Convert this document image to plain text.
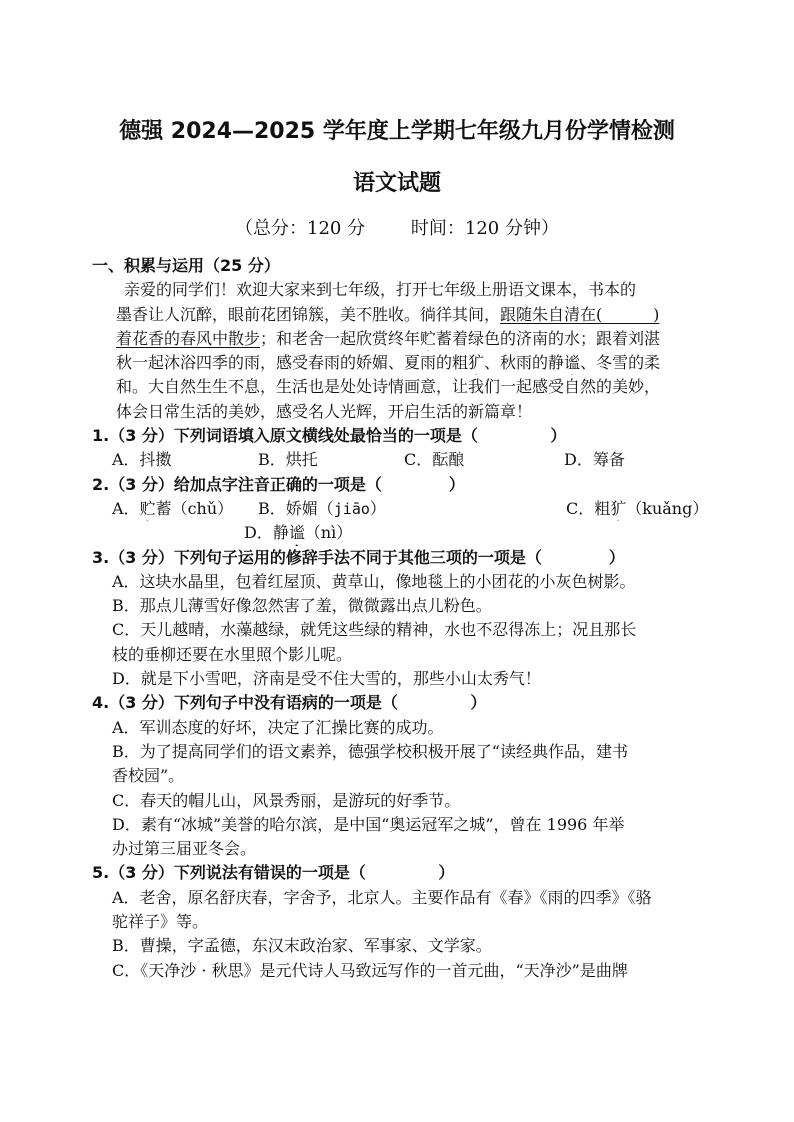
德强 2024—2025 学年度上学期七年级九月份学情检测
语文试题
（总分：120 分        时间：120 分钟）
一、积累与运用（25 分）
亲爱的同学们！欢迎大家来到七年级，打开七年级上册语文课本，书本的
墨香让人沉醉，眼前花团锦簇，美不胜收。徜徉其间，跟随朱自清在(          )
着花香的春风中散步；和老舍一起欣赏终年贮蓄着绿色的济南的水；跟着刘湛
秋一起沐浴四季的雨，感受春雨的娇媚、夏雨的粗犷、秋雨的静谧、冬雪的柔
和。大自然生生不息，生活也是处处诗情画意，让我们一起感受自然的美妙，
体会日常生活的美妙，感受名人光辉，开启生活的新篇章！
1.（3 分）下列词语填入原文横线处最恰当的一项是（             ）
A．抖擞	B．烘托	C．酝酿	D．筹备
2.（3 分）给加点字注音正确的一项是（            ）
A．贮蓄（chǔ） B．娇媚（jiāo）	C．粗犷（kuǎng）
D．静谧（nì）
3.（3 分）下列句子运用的修辞手法不同于其他三项的一项是（            ）
A．这块水晶里，包着红屋顶、黄草山，像地毯上的小团花的小灰色树影。
B．那点儿薄雪好像忽然害了羞，微微露出点儿粉色。
C．天儿越晴，水藻越绿，就凭这些绿的精神，水也不忍得冻上；况且那长
枝的垂柳还要在水里照个影儿呢。
D．就是下小雪吧，济南是受不住大雪的，那些小山太秀气！
4.（3 分）下列句子中没有语病的一项是（             ）
A．军训态度的好坏，决定了汇操比赛的成功。
B．为了提高同学们的语文素养，德强学校积极开展了“读经典作品，建书
香校园”。
C．春天的帽儿山，风景秀丽，是游玩的好季节。
D．素有“冰城”美誉的哈尔滨，是中国“奥运冠军之城”，曾在 1996 年举
办过第三届亚冬会。
5.（3 分）下列说法有错误的一项是（             ）
A．老舍，原名舒庆春，字舍予，北京人。主要作品有《春》《雨的四季》《骆
驼祥子》等。
B．曹操，字孟德，东汉末政治家、军事家、文学家。
C．《天净沙 · 秋思》是元代诗人马致远写作的一首元曲，“天净沙”是曲牌
